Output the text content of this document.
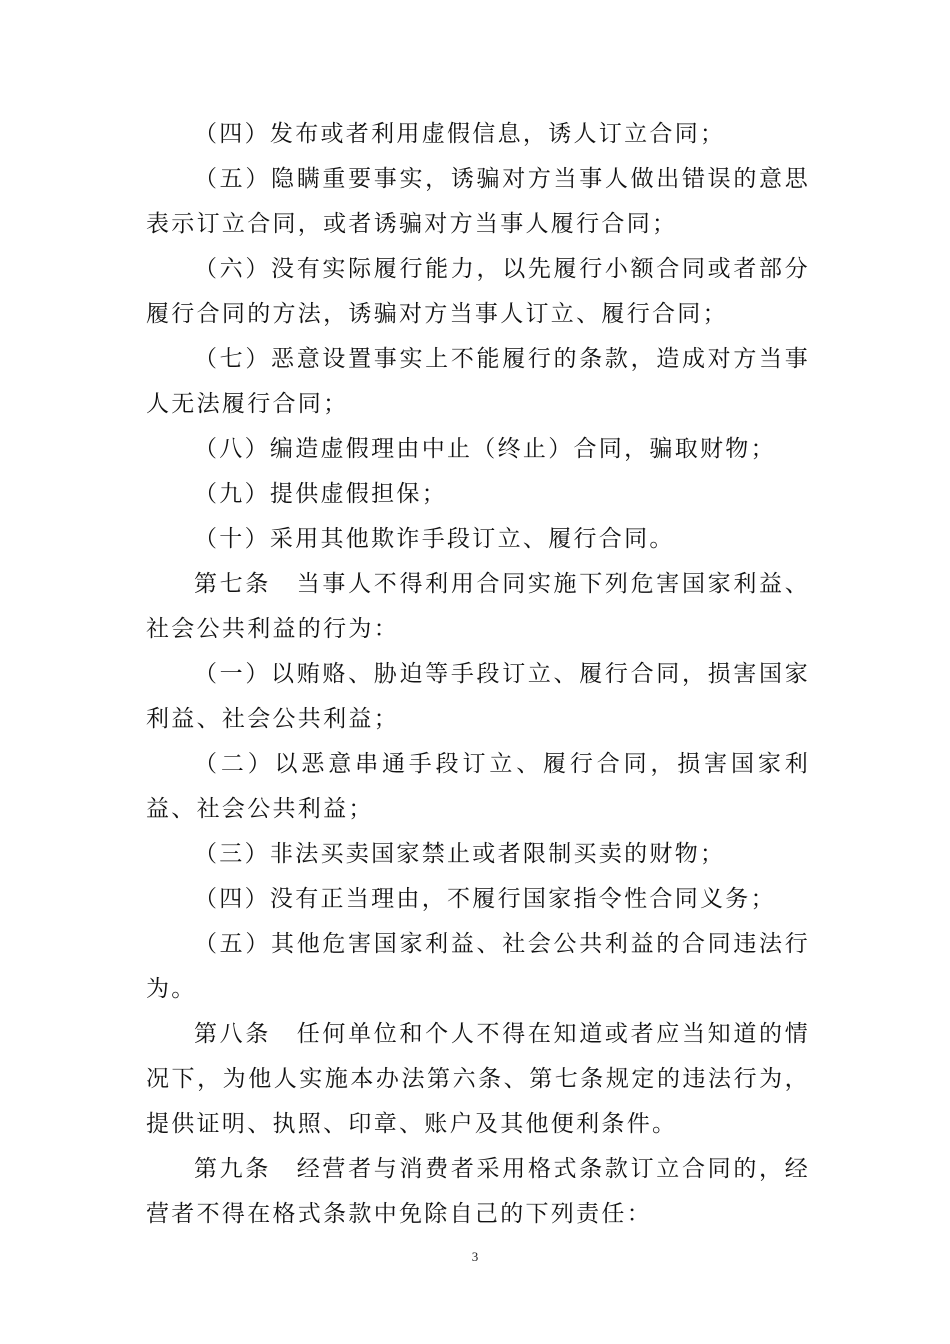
（四）发布或者利用虚假信息，诱人订立合同；

（五）隐瞒重要事实，诱骗对方当事人做出错误的意思表示订立合同，或者诱骗对方当事人履行合同；

（六）没有实际履行能力，以先履行小额合同或者部分履行合同的方法，诱骗对方当事人订立、履行合同；

（七）恶意设置事实上不能履行的条款，造成对方当事人无法履行合同；

（八）编造虚假理由中止（终止）合同，骗取财物；

（九）提供虚假担保；

（十）采用其他欺诈手段订立、履行合同。

第七条　当事人不得利用合同实施下列危害国家利益、 社会公共利益的行为：

（一）以贿赂、胁迫等手段订立、履行合同，损害国家利益、社会公共利益；

（二）以恶意串通手段订立、履行合同，损害国家利益、社会公共利益；

（三）非法买卖国家禁止或者限制买卖的财物；

（四）没有正当理由，不履行国家指令性合同义务；

（五）其他危害国家利益、社会公共利益的合同违法行为。

第八条　任何单位和个人不得在知道或者应当知道的情况下，为他人实施本办法第六条、第七条规定的违法行为，提供证明、执照、印章、账户及其他便利条件。

第九条　经营者与消费者采用格式条款订立合同的，经营者不得在格式条款中免除自己的下列责任：

3
